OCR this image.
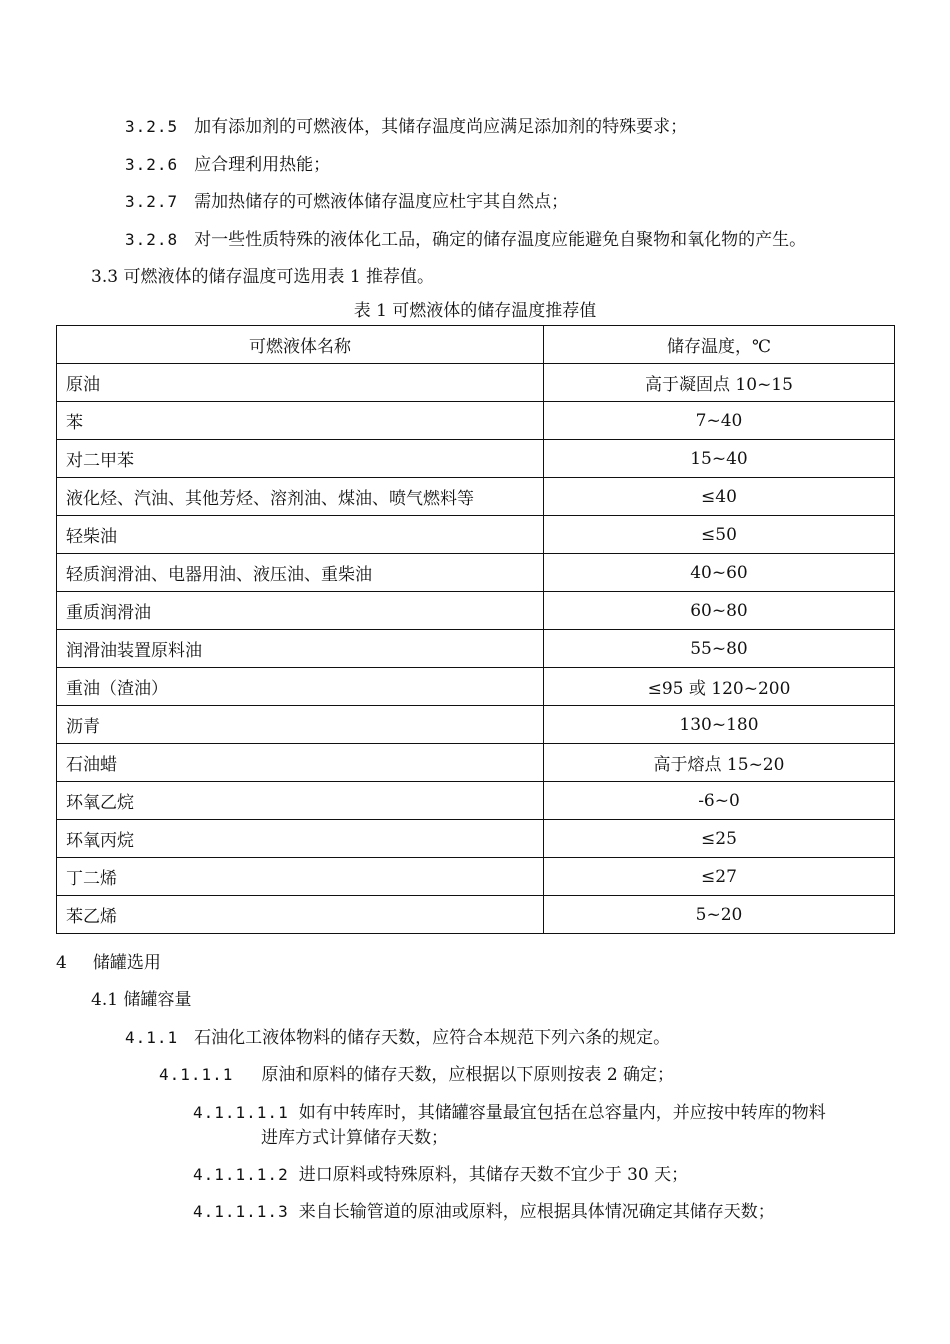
3.2.5 加有添加剂的可燃液体，其储存温度尚应满足添加剂的特殊要求；
3.2.6 应合理利用热能；
3.2.7 需加热储存的可燃液体储存温度应杜宇其自然点；
3.2.8 对一些性质特殊的液体化工品，确定的储存温度应能避免自聚物和氧化物的产生。
3.3 可燃液体的储存温度可选用表 1 推荐值。
表 1 可燃液体的储存温度推荐值
可燃液体名称	储存温度，℃
原油	高于凝固点 10~15
苯	7~40
对二甲苯	15~40
液化烃、汽油、其他芳烃、溶剂油、煤油、喷气燃料等	≤40
轻柴油	≤50
轻质润滑油、电器用油、液压油、重柴油	40~60
重质润滑油	60~80
润滑油装置原料油	55~80
重油（渣油）	≤95 或 120~200
沥青	130~180
石油蜡	高于熔点 15~20
环氧乙烷	-6~0
环氧丙烷	≤25
丁二烯	≤27
苯乙烯	5~20
4 储罐选用
4.1 储罐容量
4.1.1 石油化工液体物料的储存天数，应符合本规范下列六条的规定。
4.1.1.1 原油和原料的储存天数，应根据以下原则按表 2 确定；
4.1.1.1.1 如有中转库时，其储罐容量最宜包括在总容量内，并应按中转库的物料
进库方式计算储存天数；
4.1.1.1.2 进口原料或特殊原料，其储存天数不宜少于 30 天；
4.1.1.1.3 来自长输管道的原油或原料，应根据具体情况确定其储存天数；
